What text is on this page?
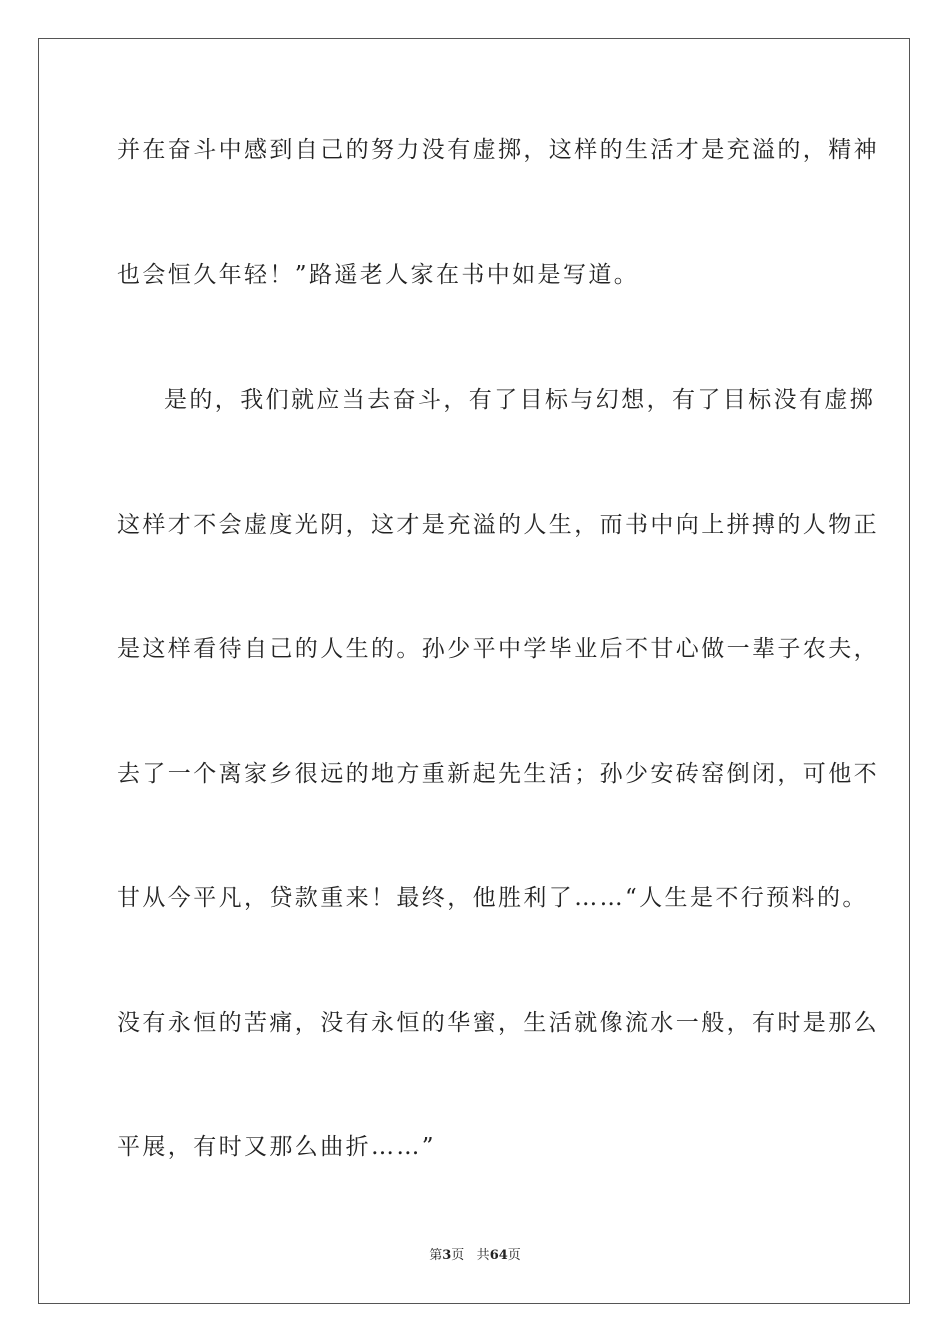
并在奋斗中感到自己的努力没有虚掷，这样的生活才是充溢的，精神
也会恒久年轻！”路遥老人家在书中如是写道。
是的，我们就应当去奋斗，有了目标与幻想，有了目标没有虚掷
这样才不会虚度光阴，这才是充溢的人生，而书中向上拼搏的人物正
是这样看待自己的人生的。孙少平中学毕业后不甘心做一辈子农夫，
去了一个离家乡很远的地方重新起先生活；孙少安砖窑倒闭，可他不
甘从今平凡，贷款重来！最终，他胜利了……“人生是不行预料的。
没有永恒的苦痛，没有永恒的华蜜，生活就像流水一般，有时是那么
平展，有时又那么曲折……”
第3页 共64页
